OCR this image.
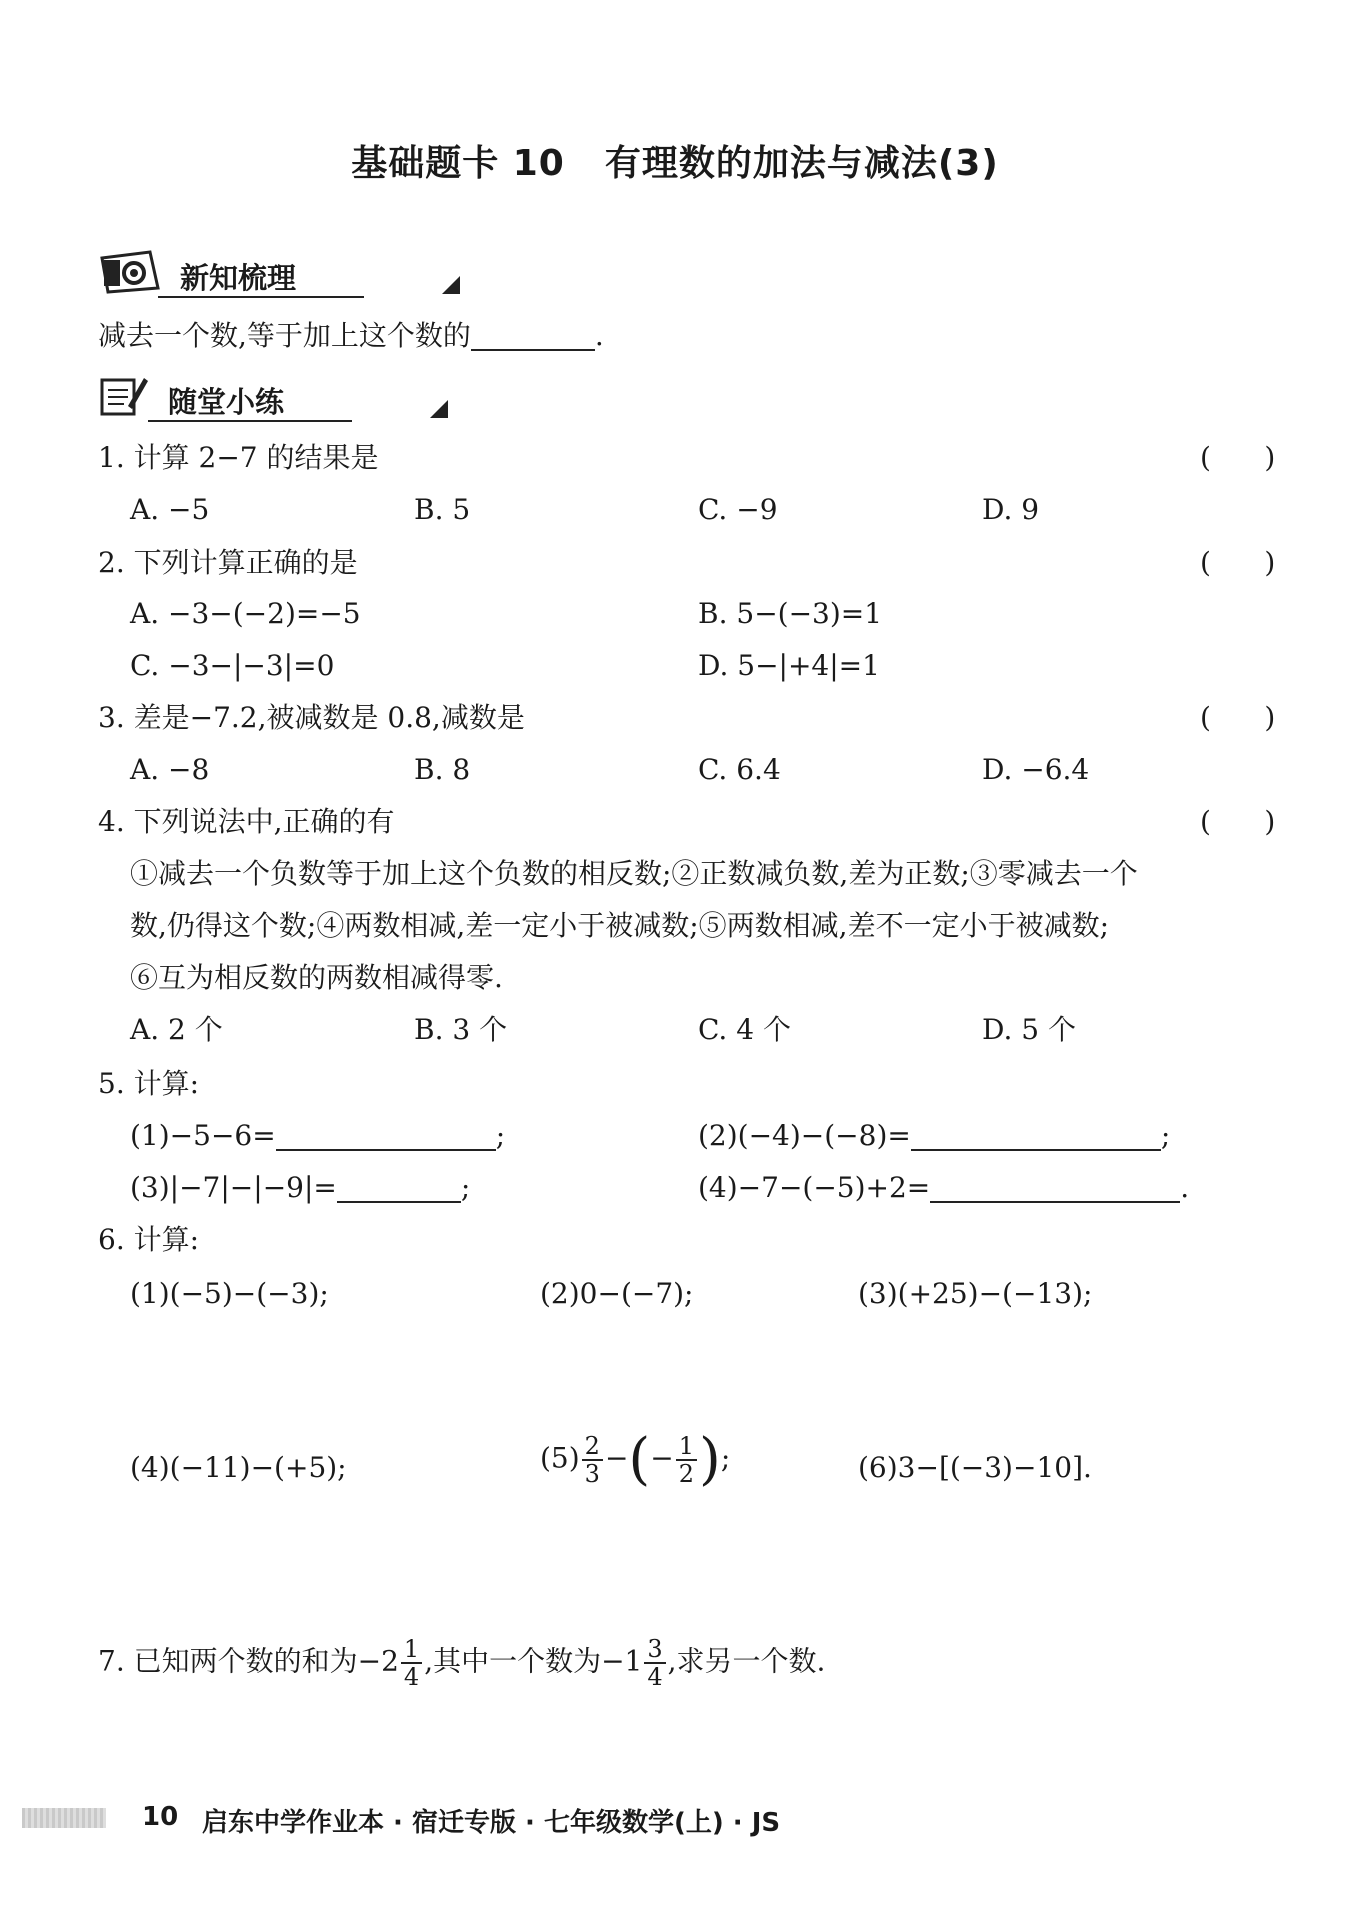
基础题卡 10 有理数的加法与减法(3)
新知梳理
减去一个数,等于加上这个数的	.
随堂小练
1. 计算 2−7 的结果是	(      )
A. −5	B. 5	C. −9	D. 9
2. 下列计算正确的是	(      )
A. −3−(−2)=−5	B. 5−(−3)=1
C. −3−|−3|=0	D. 5−|+4|=1
3. 差是−7.2,被减数是 0.8,减数是	(      )
A. −8	B. 8	C. 6.4	D. −6.4
4. 下列说法中,正确的有	(      )
①减去一个负数等于加上这个负数的相反数;②正数减负数,差为正数;③零减去一个
数,仍得这个数;④两数相减,差一定小于被减数;⑤两数相减,差不一定小于被减数;
⑥互为相反数的两数相减得零.
A. 2 个	B. 3 个	C. 4 个	D. 5 个
5. 计算:
(1)−5−6=	;	(2)(−4)−(−8)=	;
(3)|−7|−|−9|=	;	(4)−7−(−5)+2=	.
6. 计算:
(1)(−5)−(−3);	(2)0−(−7);	(3)(+25)−(−13);
(4)(−11)−(+5);	$(5) \frac{2}{3}$ −(− $\frac{1}{2}$ );	(6)3−[(−3)−10].
7. 已知两个数的和为$-2 \frac{1}{4}$ ,其中一个数为$-1 \frac{3}{4}$ ,求另一个数.
10 启东中学作业本 · 宿迁专版 · 七年级数学(上) · JS
